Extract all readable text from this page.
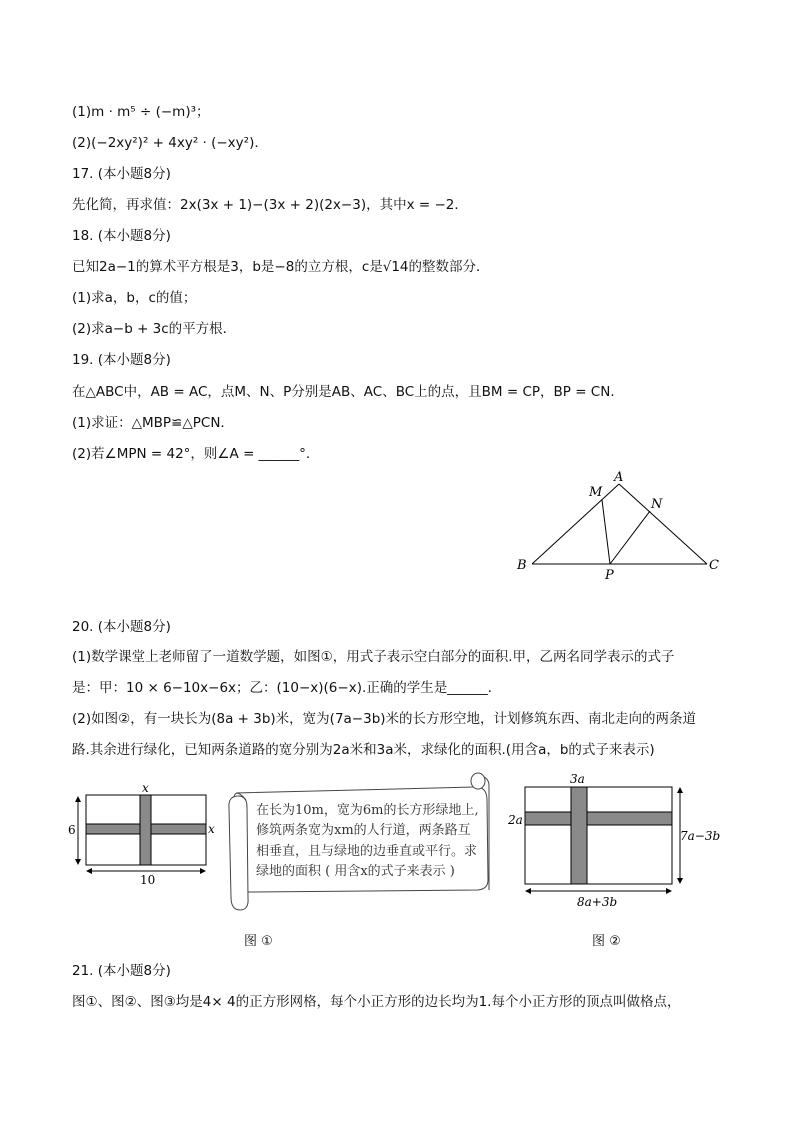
(1)m · m⁵ ÷ (−m)³；
(2)(−2xy²)² + 4xy² · (−xy²).
17. (本小题8分)
先化简，再求值：2x(3x + 1)−(3x + 2)(2x−3)，其中x = −2．
18. (本小题8分)
已知2a−1的算术平方根是3，b是−8的立方根，c是√14的整数部分．
(1)求a，b，c的值；
(2)求a−b + 3c的平方根．
19. (本小题8分)
在△ABC中，AB = AC，点M、N、P分别是AB、AC、BC上的点，且BM = CP，BP = CN．
(1)求证：△MBP≌△PCN．
(2)若∠MPN = 42°，则∠A = ______°.
A
M
N
B
P
C
20. (本小题8分)
(1)数学课堂上老师留了一道数学题，如图①，用式子表示空白部分的面积.甲，乙两名同学表示的式子
是：甲：10 × 6−10x−6x；乙：(10−x)(6−x).正确的学生是______．
(2)如图②，有一块长为(8a + 3b)米，宽为(7a−3b)米的长方形空地，计划修筑东西、南北走向的两条道
路.其余进行绿化，已知两条道路的宽分别为2a米和3a米，求绿化的面积.(用含a，b的式子来表示)
x
x
6
10
在长为10m，宽为6m的长方形绿地上,
修筑两条宽为xm的人行道，两条路互
相垂直，且与绿地的边垂直或平行。求
绿地的面积 ( 用含x的式子来表示 )
图 ①
3a
2a
7a−3b
8a+3b
图 ②
21. (本小题8分)
图①、图②、图③均是4× 4的正方形网格，每个小正方形的边长均为1.每个小正方形的顶点叫做格点，
